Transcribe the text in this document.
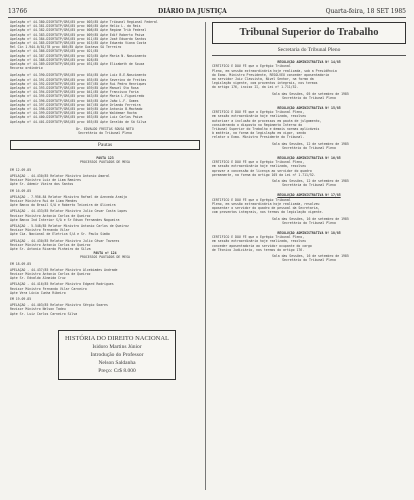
13766	DIÁRIO DA JUSTIÇA	Quarta-feira, 18 SET 1985
Apelação nº 44.380-DISRTOTP/GRS/85 proc 003/85 Apte Tribunal Regional Federal
Apelação nº 44.381-DISRTOTP/GRS/85 proc 005/85 Apte Helio L. do Reis
Apelação nº 44.382-DISRTOTP/GRS/85 proc 008/85 Apte Regime Trib Federal
Apelação nº 44.383-DISRTOTP/GRS/85 proc 009/85 Apte Edif Roberto Paiva
Apelação nº 44.384-DISRTOTP/GRS/85 proc 011/85 Apte José Eduardo Santos
Apelação nº 44.385-DISRTOTP/GRS/85 proc 015/85 Apte Eduardo Viana Costa
Rel Cin 1.944-0/81/78 proc 005/85 Apte Gustavo SA Terreiro
Apelação nº 44.386-DISRTOTP/GRS/85 proc 021/85
Apelação nº 44.387-DISRTOTP/GRS/85 proc 023/85 Apte Maria N. Nascimento
Apelação nº 44.388-DISRTOTP/GRS/85 proc 028/85
Apelação nº 44.389-DISRTOTP/GRS/85 proc 031/85 Apte Elizabeth de Souza
Recurso ordinário
Apelação nº 44.390-DISRTOTP/GRS/85 proc 034/85 Apte Luiz B.E.Nascimento
Apelação nº 44.391-DISRTOTP/GRS/85 proc 035/85 Apte Severino de Freitas
Apelação nº 44.392-DISRTOTP/GRS/85 proc 037/85 Apte Rui Pedro Henriques
Apelação nº 44.393-DISRTOTP/GRS/85 proc 039/85 Apte Manuel Sta Rosa
Apelação nº 44.394-DISRTOTP/GRS/85 proc 041/85 Apte Francisco Faria
Apelação nº 44.395-DISRTOTP/GRS/85 proc 043/85 Apte Maria L.Figueiredo
Apelação nº 44.396-DISRTOTP/GRS/85 proc 045/85 Apte João L.F. Gomes
Apelação nº 44.397-DISRTOTP/GRS/85 proc 047/85 Apte Orlando Ferreira
Apelação nº 44.398-DISRTOTP/GRS/85 proc 049/85 Apte Antonio B.Machado
Apelação nº 44.399-DISRTOTP/GRS/85 proc 051/85 Apte Waldemar Rocha
Apelação nº 44.400-DISRTOTP/GRS/85 proc 053/85 Apte Luiz Carlos Paiva
Apelação nº 44.401-DISRTOTP/GRS/85 proc 055/85 Apte Geraldo de Sá Silva
Dr. EDVALDO FREITAS SOUSA NETO
Secretário do Tribunal Pleno
Pautas
PAUTA 123
PROCESSOS PAUTADOS DE MESA
EM 12.09.85
APELAÇÃO - 44.430/85 Relator Ministro Antonio Amaral
Revisor Ministro Luiz de Lima Ramires
Apte Sr. Ademir Vieira dos Santos
EM 16.09.85
APELAÇÃO - 7.956-84 Relator Ministro Rafael de Azevedo Araújo
Revisor Ministro Rui de Lima Mendes
Apte Banco do Brasil S/A e Roberto Teixeira de Oliveira
APELAÇÃO - 44.433/85 Relator Ministro Julio Cesar Costa Lopes
Revisor Ministro Antonio Carlos de Queiroz
Apte Banco Ind Interior S/A e Sr Edson Fernandes Nogueira
APELAÇÃO - 5.548/85 Relator Ministro Antonio Carlos de Queiroz
Revisor Ministro Fernando Vilar
Apte Cia. Nacional de Eletrica S/A e Sr. Paulo Simão
APELAÇÃO - 44.430/85 Relator Ministro Julio César Tavares
Revisor Ministro Antonio Carlos de Queiroz
Apte Sr. Antonio Ricardo Pinheiro da Silva
PAUTA nº 124
PROCESSOS PAUTADOS DE MESA
EM 18.09.85
APELAÇÃO - 44.437/85 Relator Ministro Alcebiades Andrade
Revisor Ministro Antonio Carlos de Queiroz
Apte Sr. Edvaldo Almeida Cruz
APELAÇÃO - 44.416/85 Relator Ministro Edgard Rodrigues
Revisor Ministro Fernando Vilar Carneiro
Apte Vera Lúcia Cunha Ribeiro
EM 19.09.85
APELAÇÃO - 44.403/85 Relator Ministro Sérgio Soares
Revisor Ministro Nelson Tadeu
Apte Sr. Luiz Carlos Carneiro Silva
HISTÓRIA DO DIREITO NACIONAL
Isidoro Martins Júnior
Introdução do Professor
Nelson Saldanha
Preço: Cr$ 8.000
Tribunal Superior do Trabalho
Secretaria do Tribunal Pleno
RESOLUÇÃO ADMINISTRATIVA Nº 14/85
CERTIFICO E DOU FÉ que o Egrégio Tribunal
Pleno, em sessão extraordinária hoje realizada, sob a Presidência
do Exmo. Ministro Presidente, RESOLVEU conceder aposentadoria
ao servidor Juiz Classista, Nível Senhor, na forma da
legislação vigente, com proventos integrais, nos termos
do artigo 176, inciso II, da Lei nº 1.711/52.
Sala das Sessões, 05 de setembro de 1985
Secretário do Tribunal Pleno
RESOLUÇÃO ADMINISTRATIVA Nº 15/85
CERTIFICO E DOU FÉ que o Egrégio Tribunal Pleno,
em sessão extraordinária hoje realizada, resolveu
autorizar a inclusão de processos em pauta de julgamento,
considerando o disposto no Regimento Interno do
Tribunal Superior do Trabalho e demais normas aplicáveis
à matéria, na forma da legislação em vigor, sendo
relator o Exmo. Ministro Presidente do Tribunal.
Sala das Sessões, 12 de setembro de 1985
Secretário do Tribunal Pleno
RESOLUÇÃO ADMINISTRATIVA Nº 16/85
CERTIFICO E DOU FÉ que o Egrégio Tribunal Pleno,
em sessão extraordinária hoje realizada, resolveu
aprovar a concessão de licença ao servidor do quadro
permanente, na forma do artigo 105 da Lei nº 1.711/52.
Sala das Sessões, 12 de setembro de 1985
Secretária do Tribunal Pleno
RESOLUÇÃO ADMINISTRATIVA Nº 17/85
CERTIFICO E DOU FÉ que o Egrégio Tribunal
Pleno, em sessão extraordinária hoje realizada, resolveu
aposentar o servidor do quadro de pessoal da Secretaria,
com proventos integrais, nos termos da legislação vigente.
Sala das Sessões, 16 de setembro de 1985
Secretário do Tribunal Pleno
RESOLUÇÃO ADMINISTRATIVA Nº 18/85
CERTIFICO E DOU FÉ que o Egrégio Tribunal Pleno,
em sessão extraordinária hoje realizada, resolveu
conceder aposentadoria ao servidor ocupante do cargo
de Técnico Judiciário, nos termos do artigo 176.
Sala das Sessões, 16 de setembro de 1985
Secretário do Tribunal Pleno
